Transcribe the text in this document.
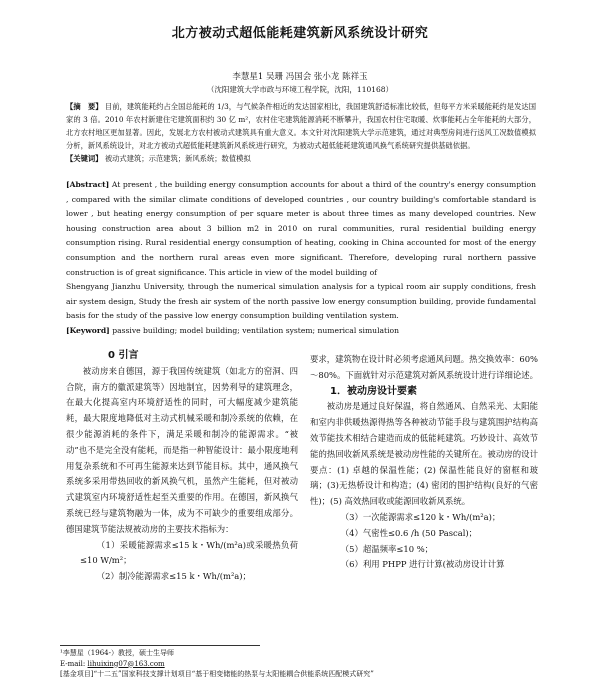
北方被动式超低能耗建筑新风系统设计研究
李慧星1 吴珊 冯国会 张小龙 陈祥玉
（沈阳建筑大学市政与环境工程学院，沈阳，110168）
【摘　要】 目前，建筑能耗约占全国总能耗的 1/3，与气候条件相近的发达国家相比，我国建筑舒适标准比较低，但每平方米采暖能耗约是发达国家的 3 倍。2010 年农村新建住宅建筑面积约 30 亿 m²，农村住宅建筑能源消耗不断攀升，我国农村住宅取暖、炊事能耗占全年能耗的大部分，北方农村地区更加显著。因此，发展北方农村被动式建筑具有重大意义。本文针对沈阳建筑大学示范建筑，通过对典型房间进行送风工况数值模拟分析，新风系统设计，对北方被动式超低能耗建筑新风系统进行研究，为被动式超低能耗建筑通风换气系统研究提供基础依据。
【关键词】 被动式建筑；示范建筑；新风系统；数值模拟

[Abstract] At present , the building energy consumption accounts for about a third of the country's energy consumption , compared with the similar climate conditions of developed countries , our country building's comfortable standard is lower , but heating energy consumption of per square meter is about three times as many developed countries. New housing construction area about 3 billion m2 in 2010 on rural communities, rural residential building energy consumption rising. Rural residential energy consumption of heating, cooking in China accounted for most of the energy consumption and the northern rural areas even more significant. Therefore, developing rural northern passive construction is of great significance. This article in view of the model building of

Shengyang Jianzhu University, through the numerical simulation analysis for a typical room air supply conditions, fresh air system design, Study the fresh air system of the north passive low energy consumption building, provide fundamental basis for the study of the passive low energy consumption building ventilation system.

[Keyword] passive building; model building; ventilation system; numerical simulation

0 引言

被动房来自德国，源于我国传统建筑（如北方的窑洞、四合院，南方的徽派建筑等）因地制宜，因势利导的建筑理念，在最大化提高室内环境舒适性的同时，可大幅度减少建筑能耗，最大限度地降低对主动式机械采暖和制冷系统的依赖，在很少能源消耗的条件下，满足采暖和制冷的能源需求。“被动”也不是完全没有能耗，而是指一种智能设计：最小限度地利用复杂系统和不可再生能源来达到节能目标。其中，通风换气系统多采用带热回收的新风换气机，虽然产生能耗，但对被动式建筑室内环境舒适性起至关重要的作用。在德国，新风换气系统已经与建筑物融为一体，成为不可缺少的重要组成部分。德国建筑节能法规被动房的主要技术指标为：

（1）采暖能源需求≤15 k・Wh/(m²a)或采暖热负荷≤10 W/m²；

（2）制冷能源需求≤15 k・Wh/(m²a)；

要求，建筑物在设计时必须考虑通风问题。热交换效率：60%～80%。下面就针对示范建筑对新风系统设计进行详细论述。

1．被动房设计要素

被动房是通过良好保温，将自然通风、自然采光、太阳能和室内非供暖热源得热等各种被动节能手段与建筑围护结构高效节能技术相结合建造而成的低能耗建筑。巧妙设计、高效节能的热回收新风系统是被动房性能的关键所在。被动房的设计要点：(1) 卓越的保温性能；(2) 保温性能良好的窗框和玻璃；(3)无热桥设计和构造；(4) 密闭的围护结构(良好的气密性)；(5) 高效热回收或能源回收新风系统。

（3）一次能源需求≤120 k・Wh/(m²a)；

（4）气密性≤0.6 /h (50 Pascal)；

（5）超温频率≤10 %；

（6）利用 PHPP 进行计算(被动房设计计算

¹李慧星（1964-）教授，硕士生导师
E-mail: lihuixing07@163.com
[基金项目]“十二五”国家科技支撑计划项目“基于相变储能的热泵与太阳能耦合供能系统匹配模式研究”
